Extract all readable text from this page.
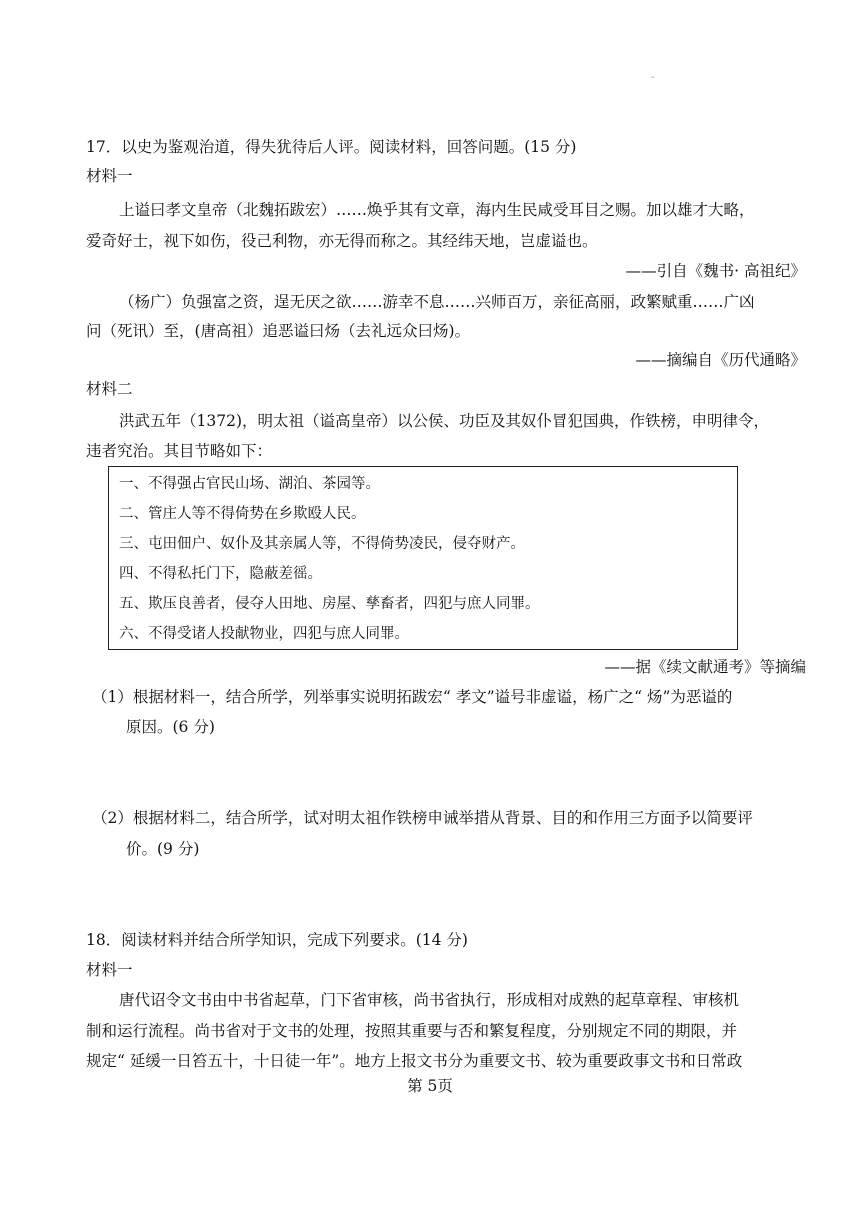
-
17．以史为鉴观治道，得失犹待后人评。阅读材料，回答问题。(15 分)
材料一
上谥曰孝文皇帝（北魏拓跋宏）……焕乎其有文章，海内生民咸受耳目之赐。加以雄才大略，
爱奇好士，视下如伤，役己利物，亦无得而称之。其经纬天地，岂虚谥也。
——引自《魏书· 高祖纪》
（杨广）负强富之资，逞无厌之欲……游幸不息……兴师百万，亲征高丽，政繁赋重……广凶
问（死讯）至，(唐高祖）追恶谥曰炀（去礼远众曰炀)。
——摘编自《历代通略》
材料二
洪武五年（1372)，明太祖（谥高皇帝）以公侯、功臣及其奴仆冒犯国典，作铁榜，申明律令，
违者究治。其目节略如下：
一、不得强占官民山场、湖泊、茶园等。
二、管庄人等不得倚势在乡欺殴人民。
三、屯田佃户、奴仆及其亲属人等，不得倚势凌民，侵夺财产。
四、不得私托门下，隐蔽差徭。
五、欺压良善者，侵夺人田地、房屋、孳畜者，四犯与庶人同罪。
六、不得受诸人投献物业，四犯与庶人同罪。
——据《续文献通考》等摘编
（1）根据材料一，结合所学，列举事实说明拓跋宏“ 孝文”谥号非虚谥，杨广之“ 炀”为恶谥的
原因。(6 分)
（2）根据材料二，结合所学，试对明太祖作铁榜申诫举措从背景、目的和作用三方面予以简要评
价。(9 分)
18．阅读材料并结合所学知识，完成下列要求。(14 分)
材料一
唐代诏令文书由中书省起草，门下省审核，尚书省执行，形成相对成熟的起草章程、审核机
制和运行流程。尚书省对于文书的处理，按照其重要与否和繁复程度，分别规定不同的期限，并
规定“ 延缓一日笞五十，十日徒一年”。地方上报文书分为重要文书、较为重要政事文书和日常政
第 5页
